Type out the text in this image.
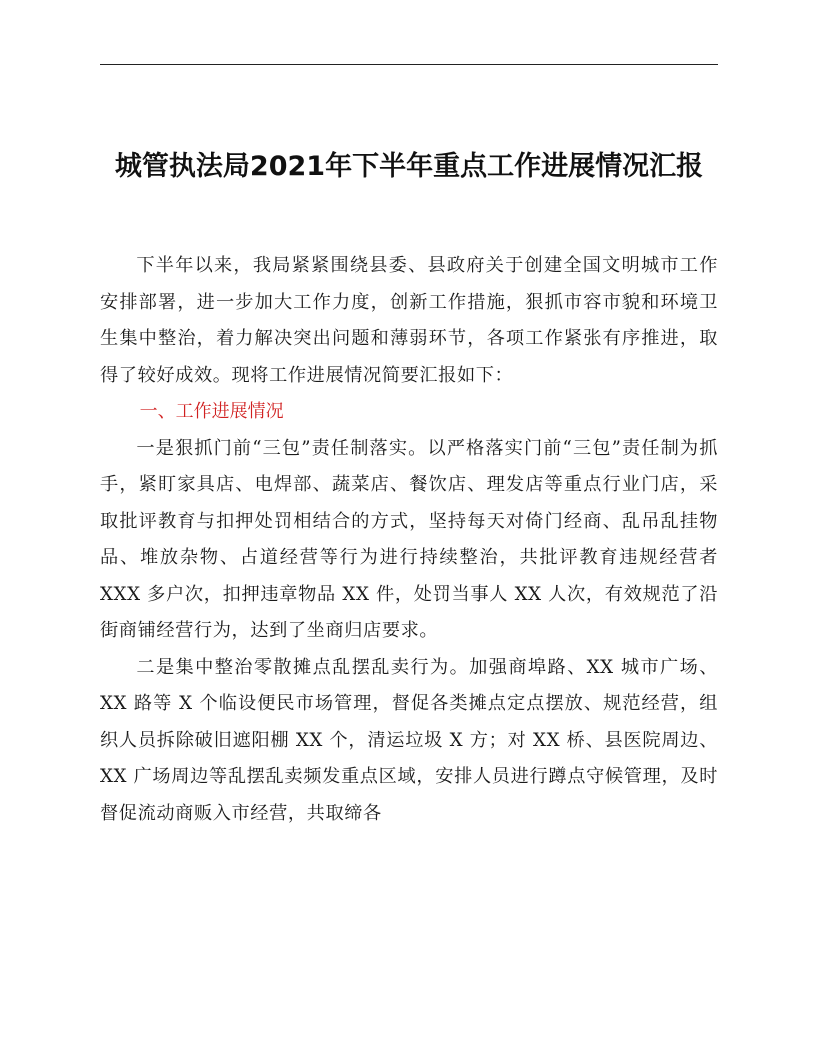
城管执法局2021年下半年重点工作进展情况汇报

下半年以来，我局紧紧围绕县委、县政府关于创建全国文明城市工作安排部署，进一步加大工作力度，创新工作措施，狠抓市容市貌和环境卫生集中整治，着力解决突出问题和薄弱环节，各项工作紧张有序推进，取得了较好成效。现将工作进展情况简要汇报如下：

一、工作进展情况

一是狠抓门前“三包”责任制落实。以严格落实门前“三包”责任制为抓手，紧盯家具店、电焊部、蔬菜店、餐饮店、理发店等重点行业门店，采取批评教育与扣押处罚相结合的方式，坚持每天对倚门经商、乱吊乱挂物品、堆放杂物、占道经营等行为进行持续整治，共批评教育违规经营者 XXX 多户次，扣押违章物品 XX 件，处罚当事人 XX 人次，有效规范了沿街商铺经营行为，达到了坐商归店要求。

二是集中整治零散摊点乱摆乱卖行为。加强商埠路、XX 城市广场、XX 路等 X 个临设便民市场管理，督促各类摊点定点摆放、规范经营，组织人员拆除破旧遮阳棚 XX 个，清运垃圾 X 方；对 XX 桥、县医院周边、XX 广场周边等乱摆乱卖频发重点区域，安排人员进行蹲点守候管理，及时督促流动商贩入市经营，共取缔各
